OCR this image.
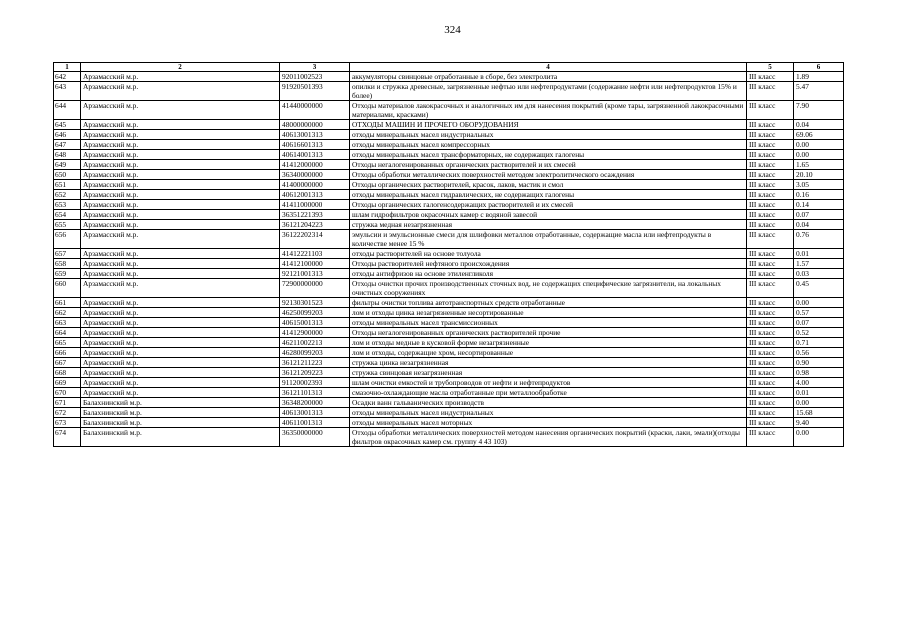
324
1	2	3	4	5	6
642	Арзамасский м.р.	92011002523	аккумуляторы свинцовые отработанные в сборе, без электролита	III класс	1.89
643	Арзамасский м.р.	91920501393	опилки и стружка древесные, загрязненные нефтью или нефтепродуктами (содержание нефти или нефтепродуктов 15% и более)	III класс	5.47
644	Арзамасский м.р.	41440000000	Отходы материалов лакокрасочных и аналогичных им для нанесения покрытий (кроме тары, загрязненной лакокрасочными материалами, красками)	III класс	7.90
645	Арзамасский м.р.	48000000000	ОТХОДЫ МАШИН И ПРОЧЕГО ОБОРУДОВАНИЯ	III класс	0.04
646	Арзамасский м.р.	40613001313	отходы минеральных масел индустриальных	III класс	69.06
647	Арзамасский м.р.	40616601313	отходы минеральных масел компрессорных	III класс	0.00
648	Арзамасский м.р.	40614001313	отходы минеральных масел трансформаторных, не содержащих галогены	III класс	0.00
649	Арзамасский м.р.	41412000000	Отходы негалогенированных органических растворителей и их смесей	III класс	1.65
650	Арзамасский м.р.	36340000000	Отходы обработки металлических поверхностей методом электролитического осаждения	III класс	20.10
651	Арзамасский м.р.	41400000000	Отходы органических растворителей, красок, лаков, мастик и смол	III класс	3.05
652	Арзамасский м.р.	40612001313	отходы минеральных масел гидравлических, не содержащих галогены	III класс	0.16
653	Арзамасский м.р.	41411000000	Отходы органических галогенсодержащих растворителей и их смесей	III класс	0.14
654	Арзамасский м.р.	36351221393	шлам гидрофильтров окрасочных камер с водяной завесой	III класс	0.07
655	Арзамасский м.р.	36121204223	стружка медная незагрязненная	III класс	0.04
656	Арзамасский м.р.	36122202314	эмульсии и эмульсионные смеси для шлифовки металлов отработанные, содержащие масла или нефтепродукты в количестве менее 15 %	III класс	0.76
657	Арзамасский м.р.	41412221103	отходы растворителей на основе толуола	III класс	0.01
658	Арзамасский м.р.	41412100000	Отходы растворителей нефтяного происхождения	III класс	1.57
659	Арзамасский м.р.	92121001313	отходы антифризов на основе этиленгликоля	III класс	0.03
660	Арзамасский м.р.	72900000000	Отходы очистки прочих производственных сточных вод, не содержащих специфические загрязнители, на локальных очистных сооружениях	III класс	0.45
661	Арзамасский м.р.	92130301523	фильтры очистки топлива автотранспортных средств отработанные	III класс	0.00
662	Арзамасский м.р.	46250099203	лом и отходы цинка незагрязненные несортированные	III класс	0.57
663	Арзамасский м.р.	40615001313	отходы минеральных масел трансмиссионных	III класс	0.07
664	Арзамасский м.р.	41412900000	Отходы негалогенированных органических растворителей прочие	III класс	0.52
665	Арзамасский м.р.	46211002213	лом и отходы медные в кусковой форме незагрязненные	III класс	0.71
666	Арзамасский м.р.	46280099203	лом и отходы, содержащие хром, несортированные	III класс	0.56
667	Арзамасский м.р.	36121211223	стружка цинка незагрязненная	III класс	0.90
668	Арзамасский м.р.	36121209223	стружка свинцовая незагрязненная	III класс	0.98
669	Арзамасский м.р.	91120002393	шлам очистки емкостей и трубопроводов от нефти и нефтепродуктов	III класс	4.00
670	Арзамасский м.р.	36121101313	смазочно-охлаждающие масла отработанные при металлообработке	III класс	0.01
671	Балахнинский м.р.	36348200000	Осадки ванн гальванических производств	III класс	0.00
672	Балахнинский м.р.	40613001313	отходы минеральных масел индустриальных	III класс	15.68
673	Балахнинский м.р.	40611001313	отходы минеральных масел моторных	III класс	9.40
674	Балахнинский м.р.	36350000000	Отходы обработки металлических поверхностей методом нанесения органических покрытий (краски, лаки, эмали)(отходы фильтров окрасочных камер см. группу 4 43 103)	III класс	0.00
